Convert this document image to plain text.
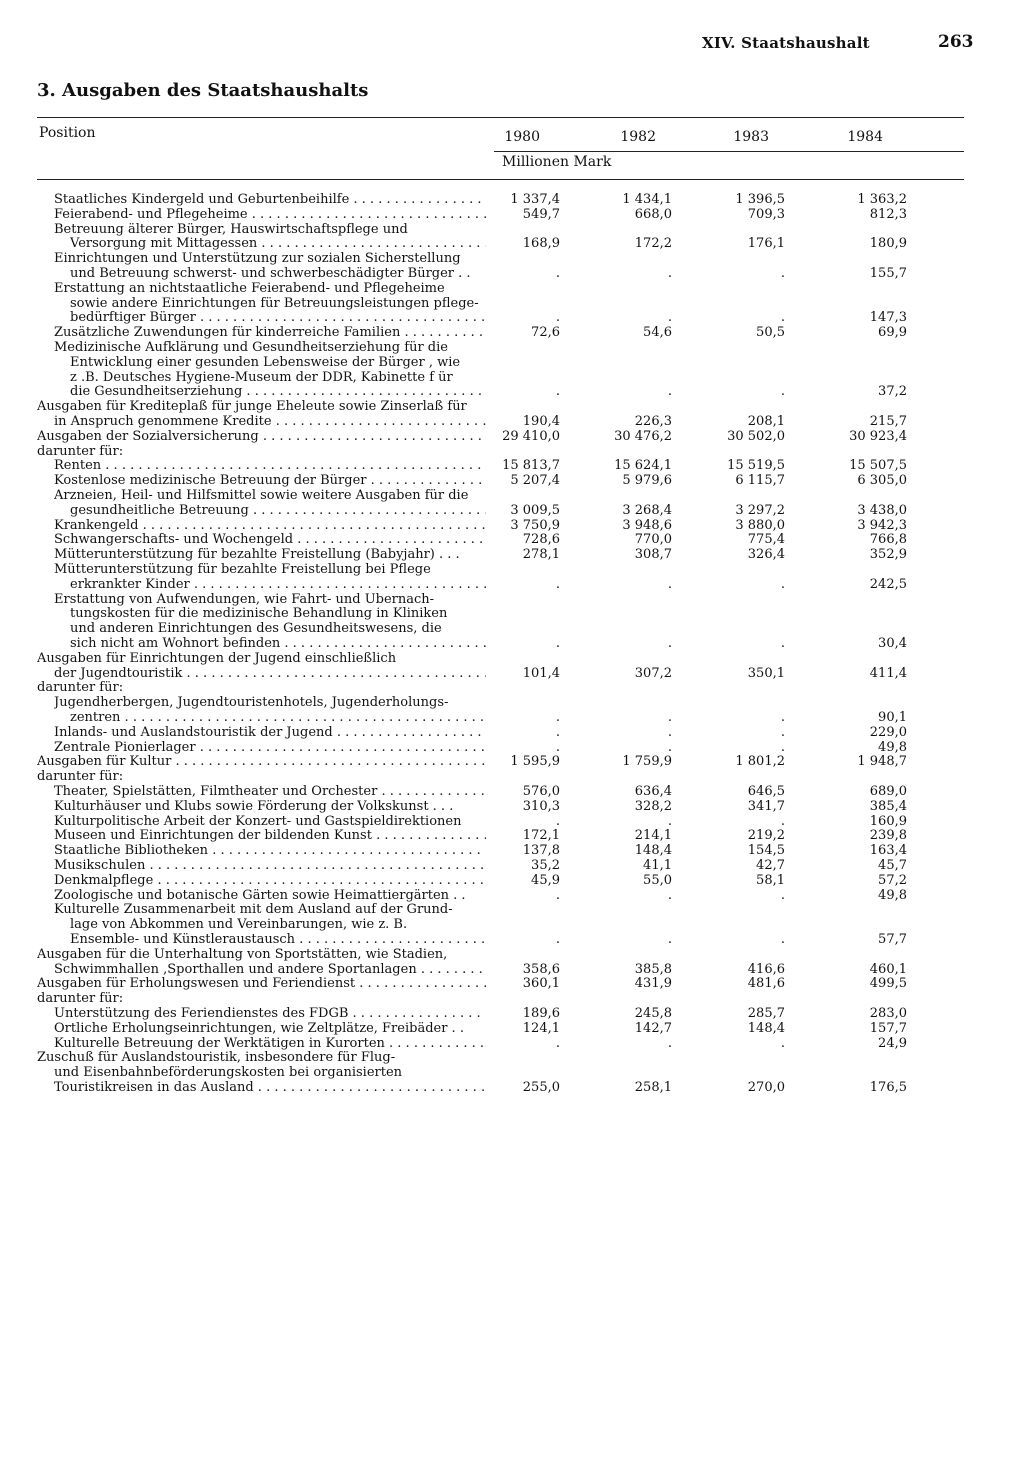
XIV. Staatshaushalt	263
3. Ausgaben des Staatshaushalts
Position	1980	1982	1983	1984
Millionen Mark
Staatliches Kindergeld und Geburtenbeihilfe . . .	1 337,4	1 434,1	1 396,5	1 363,2
Feierabend- und Pflegeheime . . .	549,7	668,0	709,3	812,3
Betreuung älterer Bürger, Hauswirtschaftspflege und
Versorgung mit Mittagessen . . .	168,9	172,2	176,1	180,9
Einrichtungen und Unterstützung zur sozialen Sicherstellung
und Betreuung schwerst- und schwerbeschädigter Bürger . .	.	.	.	155,7
Erstattung an nichtstaatliche Feierabend- und Pflegeheime
sowie andere Einrichtungen für Betreuungsleistungen pflege-
bedürftiger Bürger . . .	.	.	.	147,3
Zusätzliche Zuwendungen für kinderreiche Familien . . .	72,6	54,6	50,5	69,9
Medizinische Aufklärung und Gesundheitserziehung für die
Entwicklung einer gesunden Lebensweise der Bürger , wie
z .B. Deutsches Hygiene-Museum der DDR, Kabinette f ür
die Gesundheitserziehung . . .	.	.	.	37,2
Ausgaben für Kreditерlaß für junge Eheleute sowie Zinserlaß für
in Anspruch genommene Kredite . . .	190,4	226,3	208,1	215,7
Ausgaben der Sozialversicherung . . .	29 410,0	30 476,2	30 502,0	30 923,4
darunter für:
Renten . . .	15 813,7	15 624,1	15 519,5	15 507,5
Kostenlose medizinische Betreuung der Bürger . . .	5 207,4	5 979,6	6 115,7	6 305,0
Arzneien, Heil- und Hilfsmittel sowie weitere Ausgaben für die
gesundheitliche Betreuung . . .	3 009,5	3 268,4	3 297,2	3 438,0
Krankengeld . . .	3 750,9	3 948,6	3 880,0	3 942,3
Schwangerschafts- und Wochengeld . . .	728,6	770,0	775,4	766,8
Mütterunterstützung für bezahlte Freistellung (Babyjahr) . . .	278,1	308,7	326,4	352,9
Mütterunterstützung für bezahlte Freistellung bei Pflege
erkrankter Kinder . . .	.	.	.	242,5
Erstattung von Aufwendungen, wie Fahrt- und Übernach-
tungskosten für die medizinische Behandlung in Kliniken
und anderen Einrichtungen des Gesundheitswesens, die
sich nicht am Wohnort befinden . . .	.	.	.	30,4
Ausgaben für Einrichtungen der Jugend einschließlich
der Jugendtouristik . . .	101,4	307,2	350,1	411,4
darunter für:
Jugendherbergen, Jugendtouristenhotels, Jugenderholungs-
zentren . . .	.	.	.	90,1
Inlands- und Auslandstouristik der Jugend . . .	.	.	.	229,0
Zentrale Pionierlager . . .	.	.	.	49,8
Ausgaben für Kultur . . .	1 595,9	1 759,9	1 801,2	1 948,7
darunter für:
Theater, Spielstätten, Filmtheater und Orchester . . .	576,0	636,4	646,5	689,0
Kulturhäuser und Klubs sowie Förderung der Volkskunst . . .	310,3	328,2	341,7	385,4
Kulturpolitische Arbeit der Konzert- und Gastspieldirektionen	.	.	.	160,9
Museen und Einrichtungen der bildenden Kunst . . .	172,1	214,1	219,2	239,8
Staatliche Bibliotheken . . .	137,8	148,4	154,5	163,4
Musikschulen . . .	35,2	41,1	42,7	45,7
Denkmalpflege . . .	45,9	55,0	58,1	57,2
Zoologische und botanische Gärten sowie Heimattiergärten . .	.	.	.	49,8
Kulturelle Zusammenarbeit mit dem Ausland auf der Grund-
lage von Abkommen und Vereinbarungen, wie z. B.
Ensemble- und Künstleraustausch . . .	.	.	.	57,7
Ausgaben für die Unterhaltung von Sportstätten, wie Stadien,
Schwimmhallen ,Sporthallen und andere Sportanlagen . . .	358,6	385,8	416,6	460,1
Ausgaben für Erholungswesen und Feriendienst . . .	360,1	431,9	481,6	499,5
darunter für:
Unterstützung des Feriendienstes des FDGB . . .	189,6	245,8	285,7	283,0
Örtliche Erholungseinrichtungen, wie Zeltplätze, Freibäder . .	124,1	142,7	148,4	157,7
Kulturelle Betreuung der Werktätigen in Kurorten . . .	.	.	.	24,9
Zuschuß für Auslandstouristik, insbesondere für Flug-
und Eisenbahnbeförderungskosten bei organisierten
Touristikreisen in das Ausland . . .	255,0	258,1	270,0	176,5
